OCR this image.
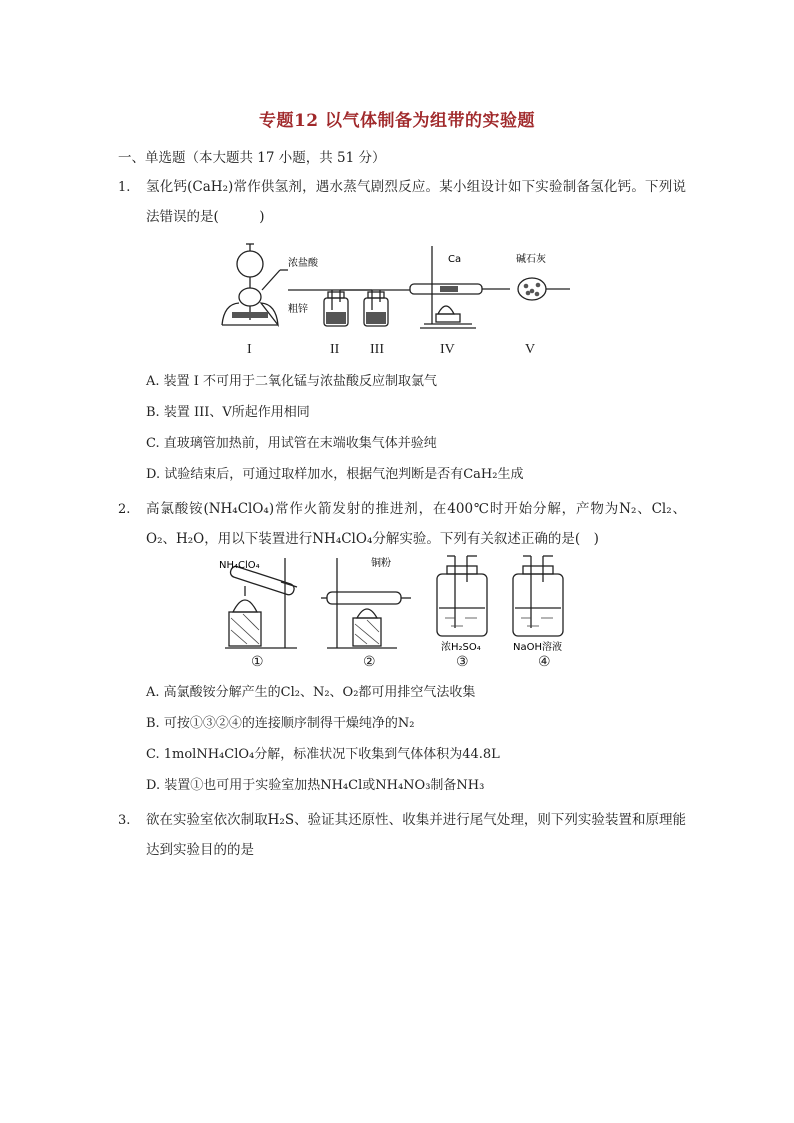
专题12 以气体制备为组带的实验题
一、单选题（本大题共 17 小题，共 51 分）
1. 氢化钙(CaH₂)常作供氢剂，遇水蒸气剧烈反应。某小组设计如下实验制备氢化钙。下列说法错误的是(　　　)
浓盐酸
粗锌
Ca	碱石灰
I	II III	IV	V
A. 装置 I 不可用于二氧化锰与浓盐酸反应制取氯气
B. 装置 III、V所起作用相同
C. 直玻璃管加热前，用试管在末端收集气体并验纯
D. 试验结束后，可通过取样加水，根据气泡判断是否有CaH₂生成
2. 高氯酸铵(NH₄ClO₄)常作火箭发射的推进剂，在400℃时开始分解，产物为N₂、Cl₂、O₂、H₂O，用以下装置进行NH₄ClO₄分解实验。下列有关叙述正确的是(　)
NH₄ClO₄	铜粉
浓H₂SO₄	NaOH溶液
①	②	③	④
A. 高氯酸铵分解产生的Cl₂、N₂、O₂都可用排空气法收集
B. 可按①③②④的连接顺序制得干燥纯净的N₂
C. 1molNH₄ClO₄分解，标准状况下收集到气体体积为44.8L
D. 装置①也可用于实验室加热NH₄Cl或NH₄NO₃制备NH₃
3. 欲在实验室依次制取H₂S、验证其还原性、收集并进行尾气处理，则下列实验装置和原理能达到实验目的的是
